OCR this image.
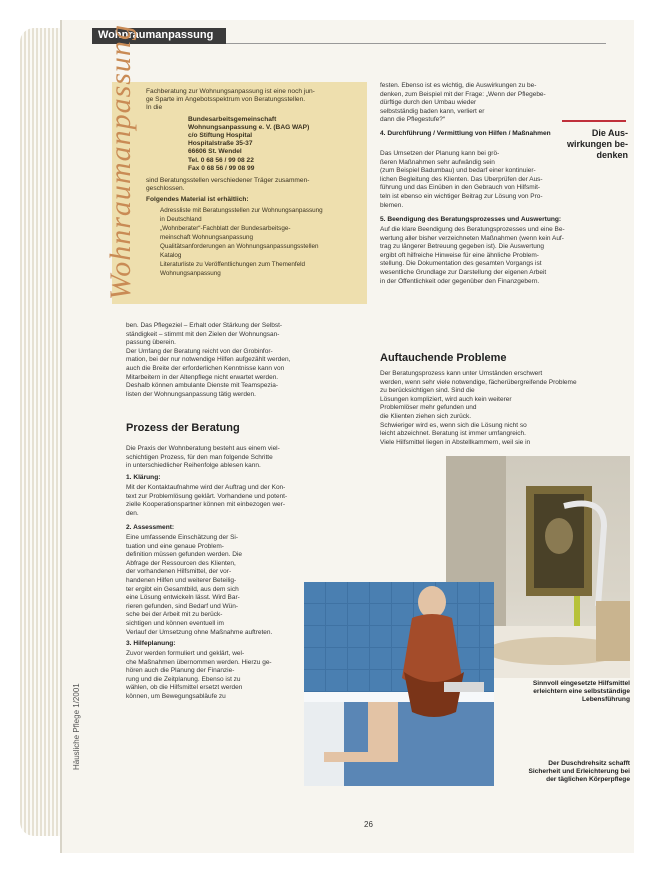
Häusliche Pflege 1/2001
Wohnraumanpassung
Wohnraumanpassung Fachberatung zur Wohnungsanpassung ist eine noch jun-
ge Sparte im Angebotsspektrum von Beratungsstellen.
In die
Bundesarbeitsgemeinschaft
Wohnungsanpassung e. V. (BAG WAP)
c/o Stiftung Hospital
Hospitalstraße 35-37
66606 St. Wendel
Tel. 0 68 56 / 99 08 22
Fax 0 68 56 / 99 08 99
sind Beratungsstellen verschiedener Träger zusammen-
geschlossen.
Folgendes Material ist erhältlich:
Adressliste mit Beratungsstellen zur Wohnungsanpassung
in Deutschland
„Wohnberater“-Fachblatt der Bundesarbeitsge-
meinschaft Wohnungsanpassung
Qualitätsanforderungen an Wohnungsanpassungsstellen
Katalog
Literaturliste zu Veröffentlichungen zum Themenfeld
Wohnungsanpassung
ben. Das Pflegeziel – Erhalt oder Stärkung der Selbst-
ständigkeit – stimmt mit den Zielen der Wohnungsan-
passung überein.
Der Umfang der Beratung reicht von der Grobinfor-
mation, bei der nur notwendige Hilfen aufgezählt werden,
auch die Breite der erforderlichen Kenntnisse kann von
Mitarbeitern in der Altenpflege nicht erwartet werden.
Deshalb können ambulante Dienste mit Teamspezia-
listen der Wohnungsanpassung tätig werden.
Die Praxis der Wohnberatung besteht aus einem viel-
schichtigen Prozess, für den man folgende Schritte
in unterschiedlicher Reihenfolge ablesen kann.
1. Klärung:
Mit der Kontaktaufnahme wird der Auftrag und der Kon-
text zur Problemlösung geklärt. Vorhandene und potent-
zielle Kooperationspartner können mit einbezogen wer-
den.
2. Assessment:
Eine umfassende Einschätzung der Si-
tuation und eine genaue Problem-
definition müssen gefunden werden. Die
Abfrage der Ressourcen des Klienten,
der vorhandenen Hilfsmittel, der vor-
handenen Hilfen und weiterer Beteilig-
ter ergibt ein Gesamtbild, aus dem sich
eine Lösung entwickeln lässt. Wird Bar-
rieren gefunden, sind Bedarf und Wün-
sche bei der Arbeit mit zu berück-
sichtigen und können eventuell im
Verlauf der Umsetzung ohne Maßnahme auftreten.
3. Hilfeplanung:
Zuvor werden formuliert und geklärt, wel-
che Maßnahmen übernommen werden. Hierzu ge-
hören auch die Planung der Finanzie-
rung und die Zeitplanung. Ebenso ist zu
wählen, ob die Hilfsmittel ersetzt werden
können, um Bewegungsabläufe zu
Prozess der Beratung
festen. Ebenso ist es wichtig, die Auswirkungen zu be-
denken, zum Beispiel mit der Frage: „Wenn der Pflegebe-
dürftige durch den Umbau wieder
selbstständig baden kann, verliert er
dann die Pflegestufe?“
4. Durchführung / Vermittlung von Hilfen / Maßnahmen
Das Umsetzen der Planung kann bei grö-
ßeren Maßnahmen sehr aufwändig sein
(zum Beispiel Badumbau) und bedarf einer kontinuier-
lichen Begleitung des Klienten. Das Überprüfen der Aus-
führung und das Einüben in den Gebrauch von Hilfsmit-
teln ist ebenso ein wichtiger Beitrag zur Lösung von Pro-
blemen.
5. Beendigung des Beratungsprozesses und Auswertung:
Auf die klare Beendigung des Beratungsprozesses und eine Be-
wertung aller bisher verzeichneten Maßnahmen (wenn kein Auf-
trag zu längerer Betreuung gegeben ist). Die Auswertung
ergibt oft hilfreiche Hinweise für eine ähnliche Problem-
stellung. Die Dokumentation des gesamten Vorgangs ist
wesentliche Grundlage zur Darstellung der eigenen Arbeit
in der Öffentlichkeit oder gegenüber den Finanzgebern.
Der Beratungsprozess kann unter Umständen erschwert
werden, wenn sehr viele notwendige, fächerübergreifende Probleme
zu berücksichtigen sind. Sind die
Lösungen kompliziert, wird auch kein weiterer
Problemlöser mehr gefunden und
die Klienten ziehen sich zurück.
Schwieriger wird es, wenn sich die Lösung nicht so
leicht abzeichnet. Beratung ist immer umfangreich.
Viele Hilfsmittel liegen in Abstellkammern, weil sie in
Auftauchende Probleme
Die Aus-
wirkungen be-
denken
Sinnvoll eingesetzte Hilfsmittel
erleichtern eine selbstständige
Lebensführung
Der Duschdrehsitz schafft
Sicherheit und Erleichterung bei
der täglichen Körperpflege
26
